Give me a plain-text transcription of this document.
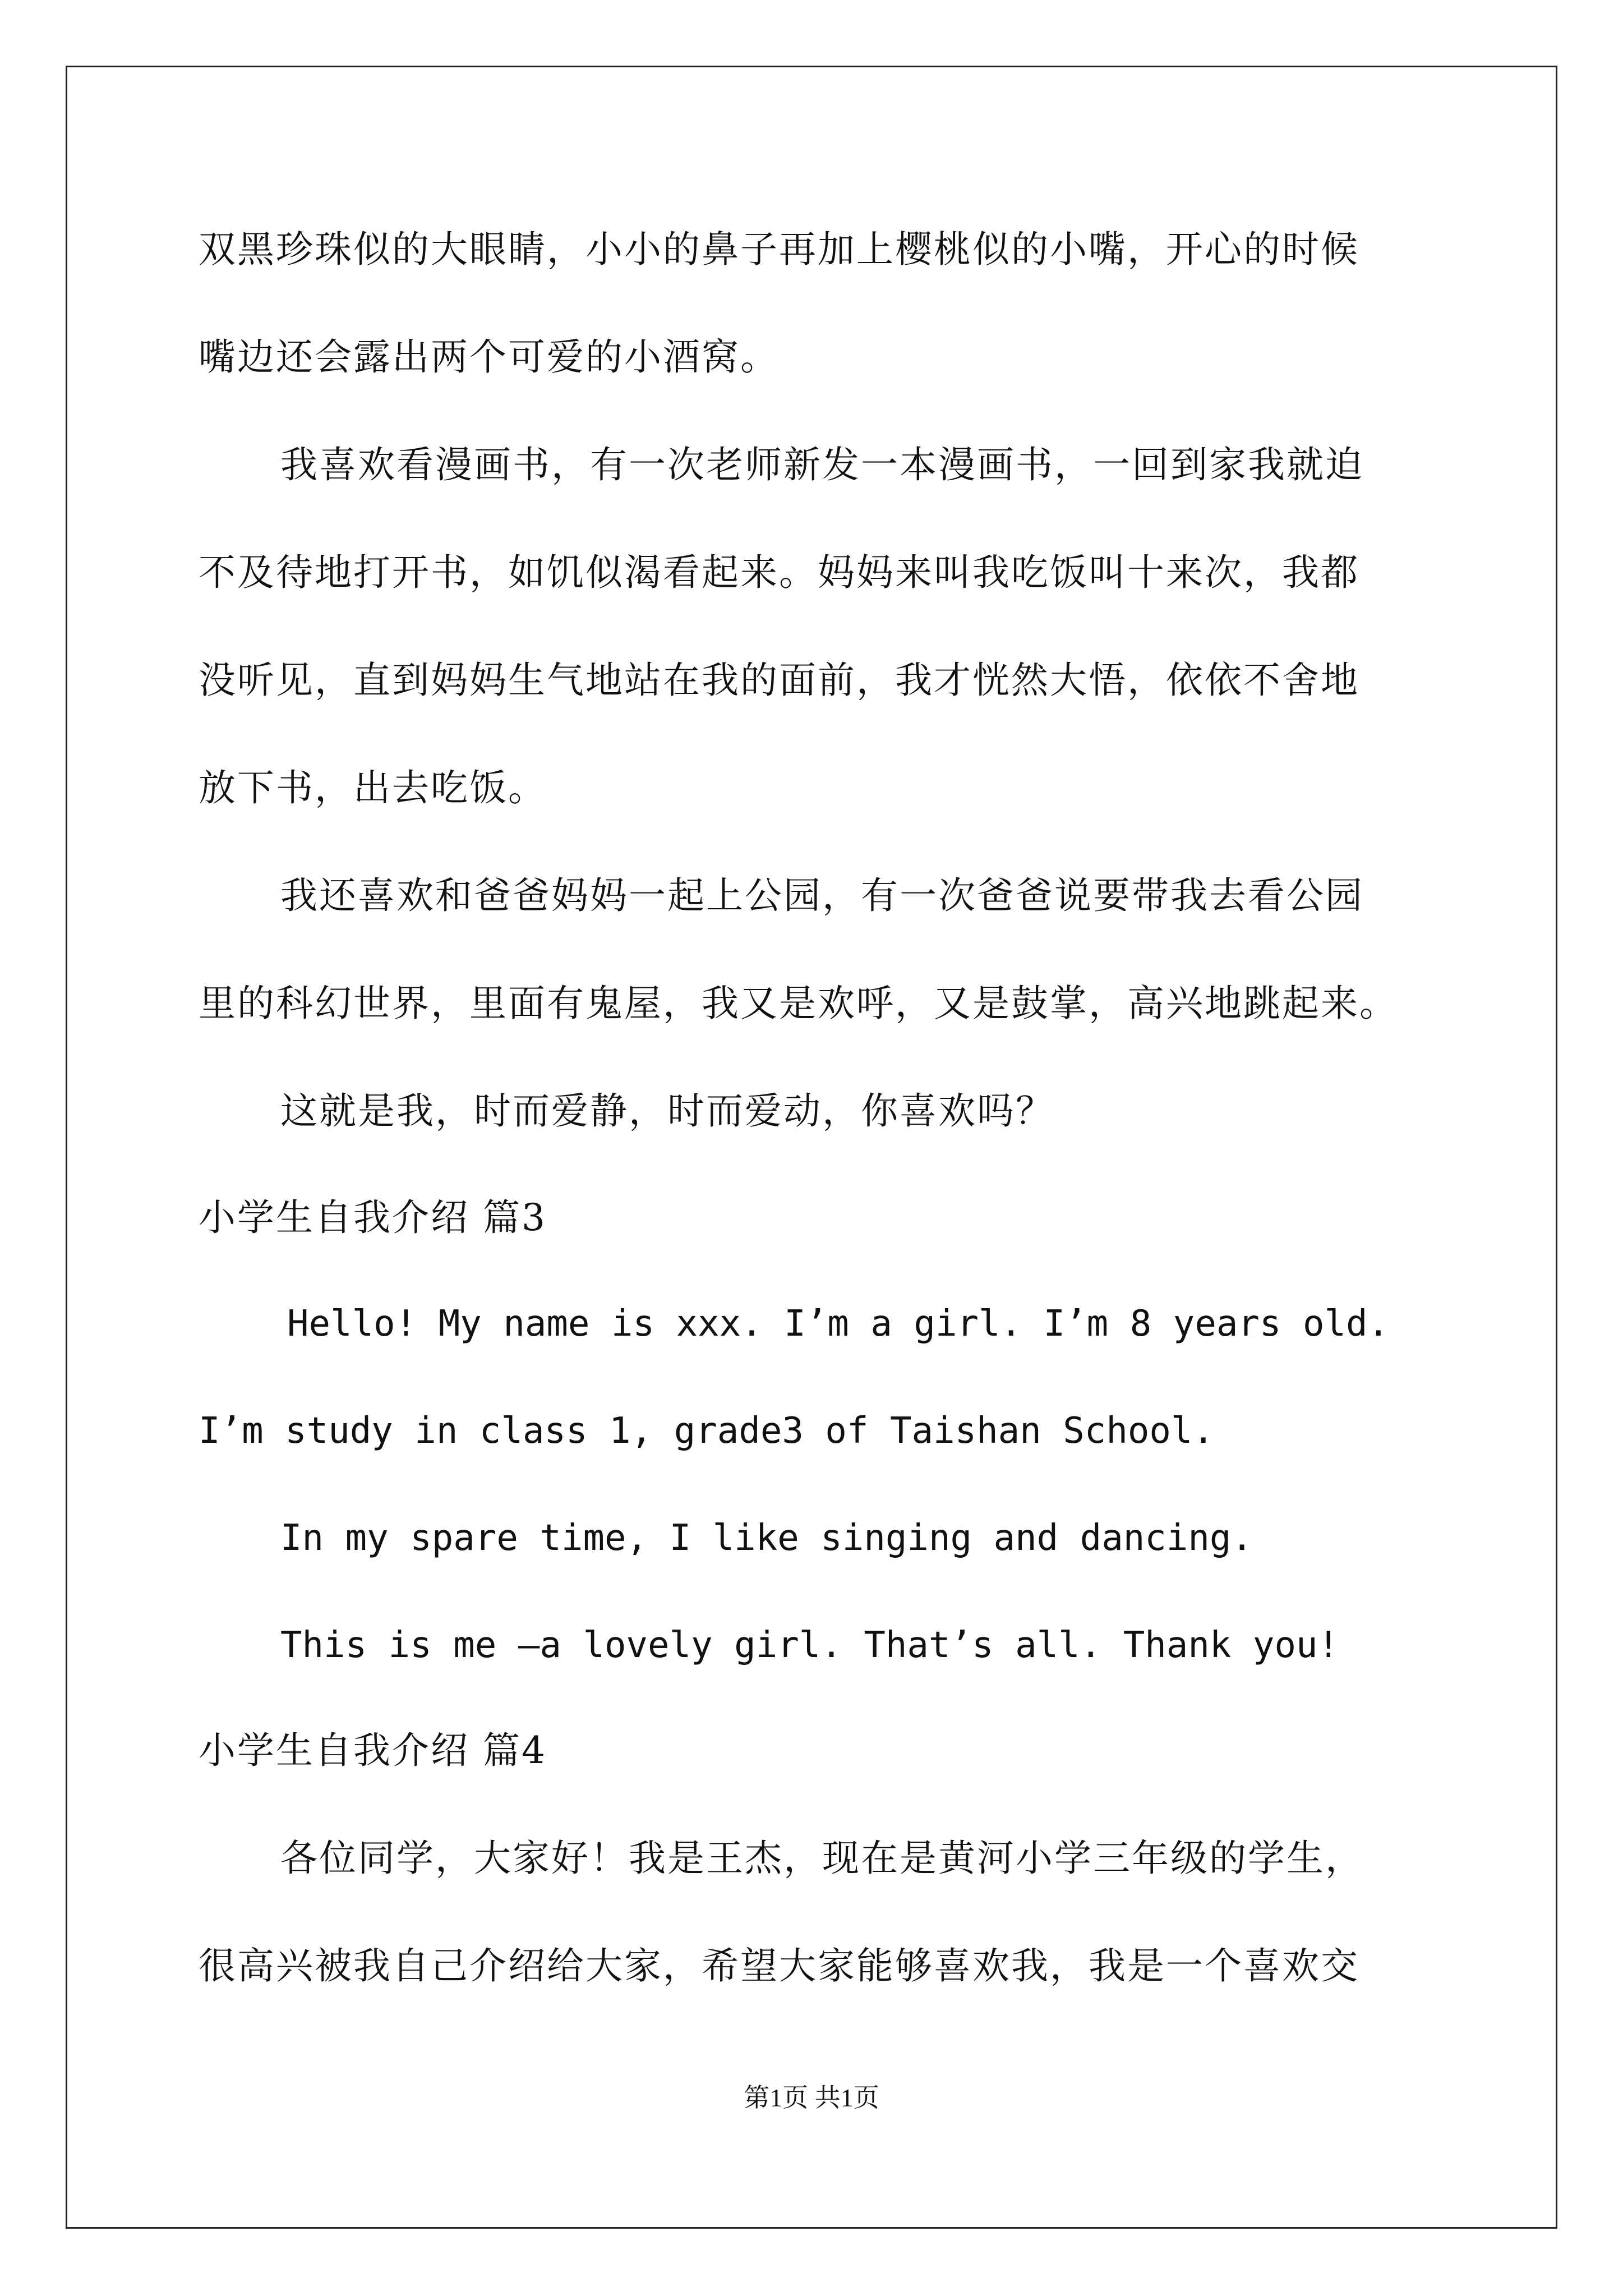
双黑珍珠似的大眼睛，小小的鼻子再加上樱桃似的小嘴，开心的时候

嘴边还会露出两个可爱的小酒窝。

我喜欢看漫画书，有一次老师新发一本漫画书，一回到家我就迫

不及待地打开书，如饥似渴看起来。妈妈来叫我吃饭叫十来次，我都

没听见，直到妈妈生气地站在我的面前，我才恍然大悟，依依不舍地

放下书，出去吃饭。

我还喜欢和爸爸妈妈一起上公园，有一次爸爸说要带我去看公园

里的科幻世界，里面有鬼屋，我又是欢呼，又是鼓掌，高兴地跳起来。

这就是我，时而爱静，时而爱动，你喜欢吗？

小学生自我介绍 篇3

Hello! My name is xxx. I’m a girl. I’m 8 years old.

I’m study in class 1, grade3 of Taishan School.

In my spare time, I like singing and dancing.

This is me –a lovely girl. That’s all. Thank you!

小学生自我介绍 篇4

各位同学，大家好！我是王杰，现在是黄河小学三年级的学生，

很高兴被我自己介绍给大家，希望大家能够喜欢我，我是一个喜欢交

第1页 共1页
